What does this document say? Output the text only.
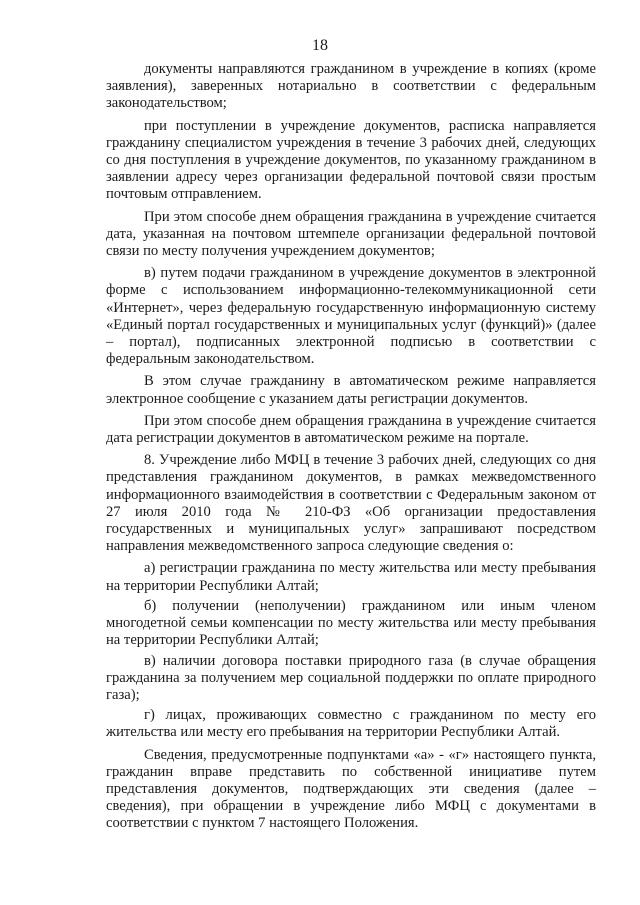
18

документы направляются гражданином в учреждение в копиях (кроме заявления), заверенных нотариально в соответствии с федеральным законодательством;

при поступлении в учреждение документов, расписка направляется гражданину специалистом учреждения в течение 3 рабочих дней, следующих со дня поступления в учреждение документов, по указанному гражданином в заявлении адресу через организации федеральной почтовой связи простым почтовым отправлением.

При этом способе днем обращения гражданина в учреждение считается дата, указанная на почтовом штемпеле организации федеральной почтовой связи по месту получения учреждением документов;

в) путем подачи гражданином в учреждение документов в электронной форме с использованием информационно-телекоммуникационной сети «Интернет», через федеральную государственную информационную систему «Единый портал государственных и муниципальных услуг (функций)» (далее – портал), подписанных электронной подписью в соответствии с федеральным законодательством.

В этом случае гражданину в автоматическом режиме направляется электронное сообщение с указанием даты регистрации документов.

При этом способе днем обращения гражданина в учреждение считается дата регистрации документов в автоматическом режиме на портале.

8. Учреждение либо МФЦ в течение 3 рабочих дней, следующих со дня представления гражданином документов, в рамках межведомственного информационного взаимодействия в соответствии с Федеральным законом от 27 июля 2010 года № 210-ФЗ «Об организации предоставления государственных и муниципальных услуг» запрашивают посредством направления межведомственного запроса следующие сведения о:

а) регистрации гражданина по месту жительства или месту пребывания на территории Республики Алтай;

б) получении (неполучении) гражданином или иным членом многодетной семьи компенсации по месту жительства или месту пребывания на территории Республики Алтай;

в) наличии договора поставки природного газа (в случае обращения гражданина за получением мер социальной поддержки по оплате природного газа);

г) лицах, проживающих совместно с гражданином по месту его жительства или месту его пребывания на территории Республики Алтай.

Сведения, предусмотренные подпунктами «а» - «г» настоящего пункта, гражданин вправе представить по собственной инициативе путем представления документов, подтверждающих эти сведения (далее – сведения), при обращении в учреждение либо МФЦ с документами в соответствии с пунктом 7 настоящего Положения.
